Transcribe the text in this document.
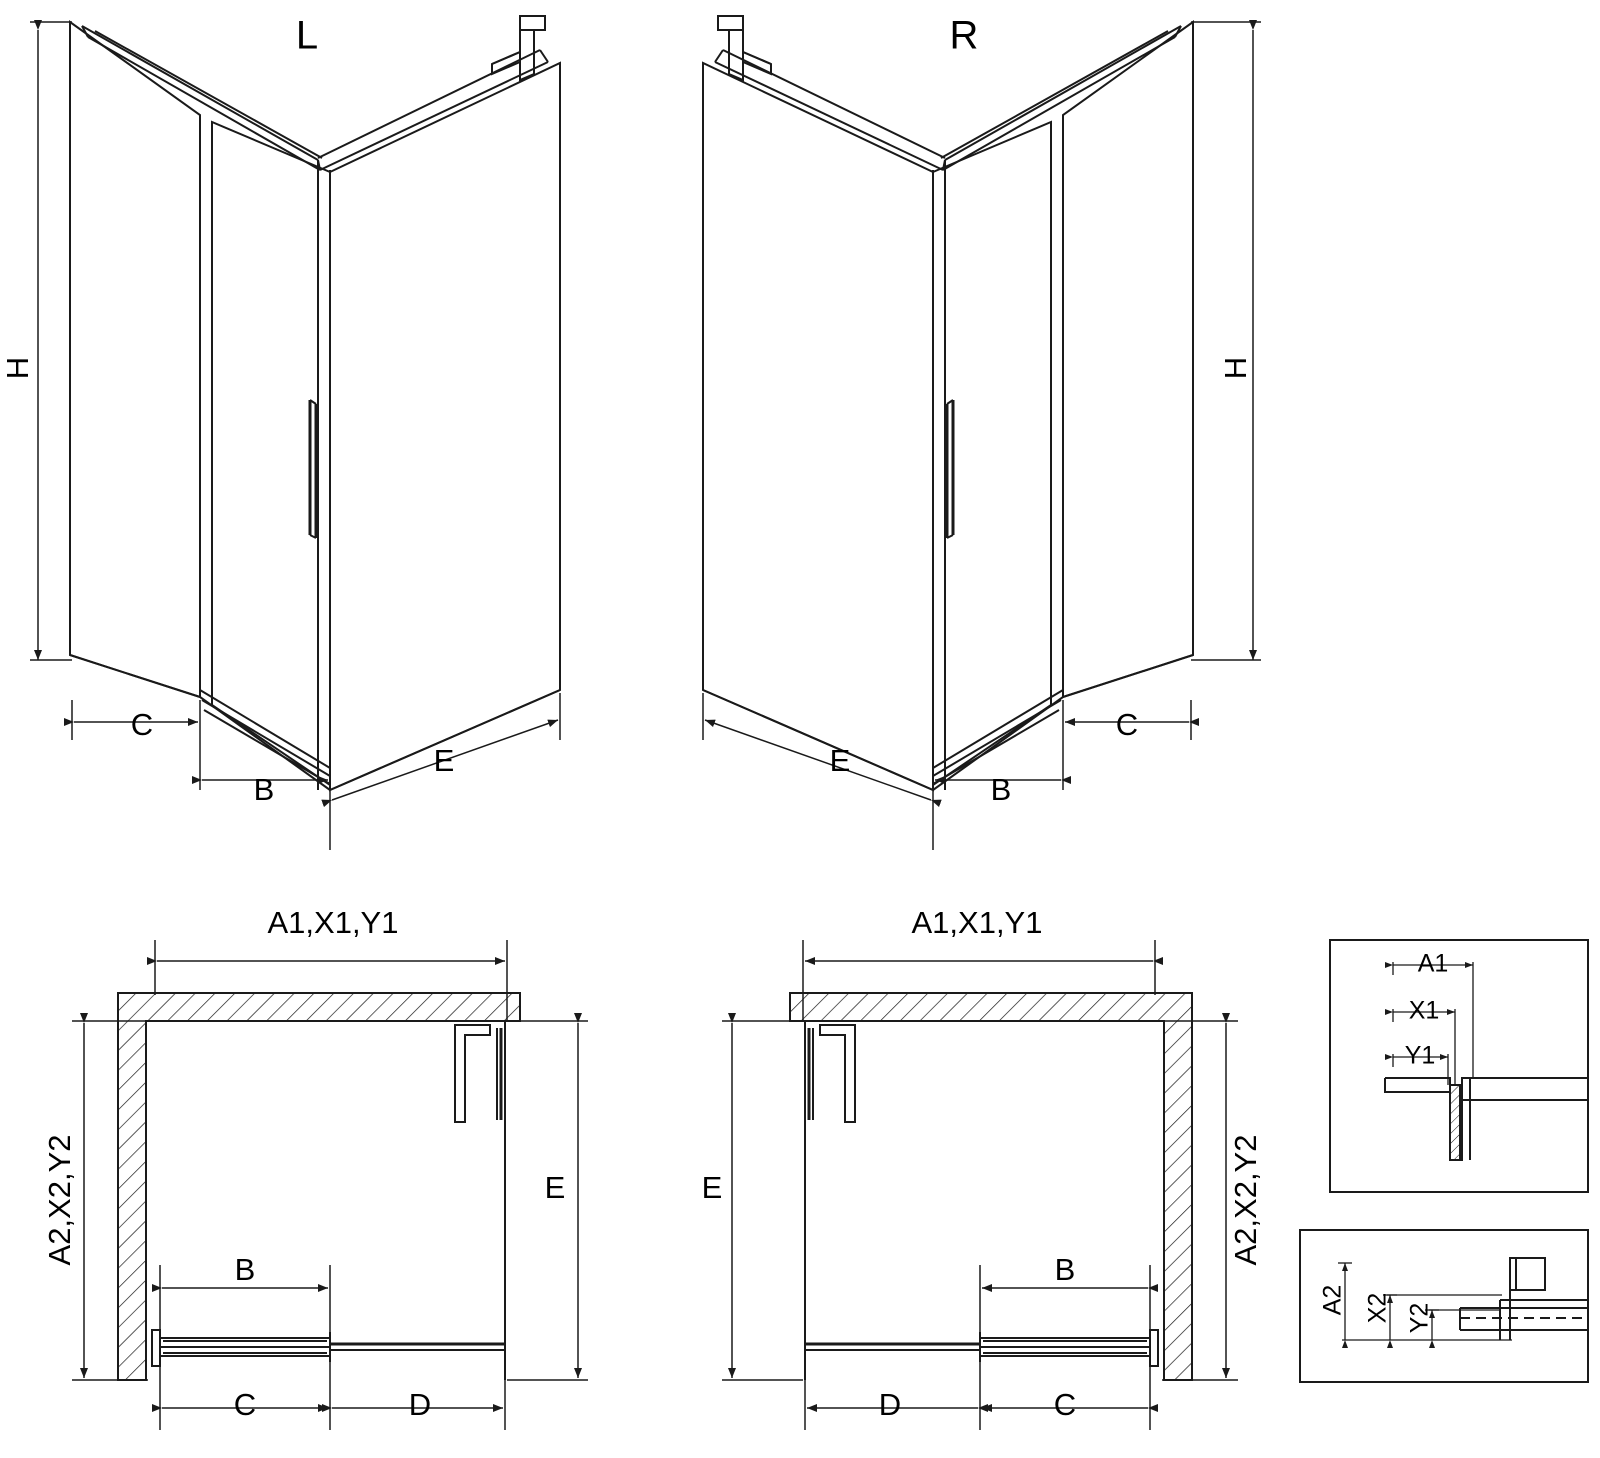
L
H
C
B
E
R
H
C
B
E
A1,X1,Y1
A2,X2,Y2	E
B
C	D
A1,X1,Y1
A2,X2,Y2
E
B
C
D
A1
X1
Y1
A2 X2 Y2
